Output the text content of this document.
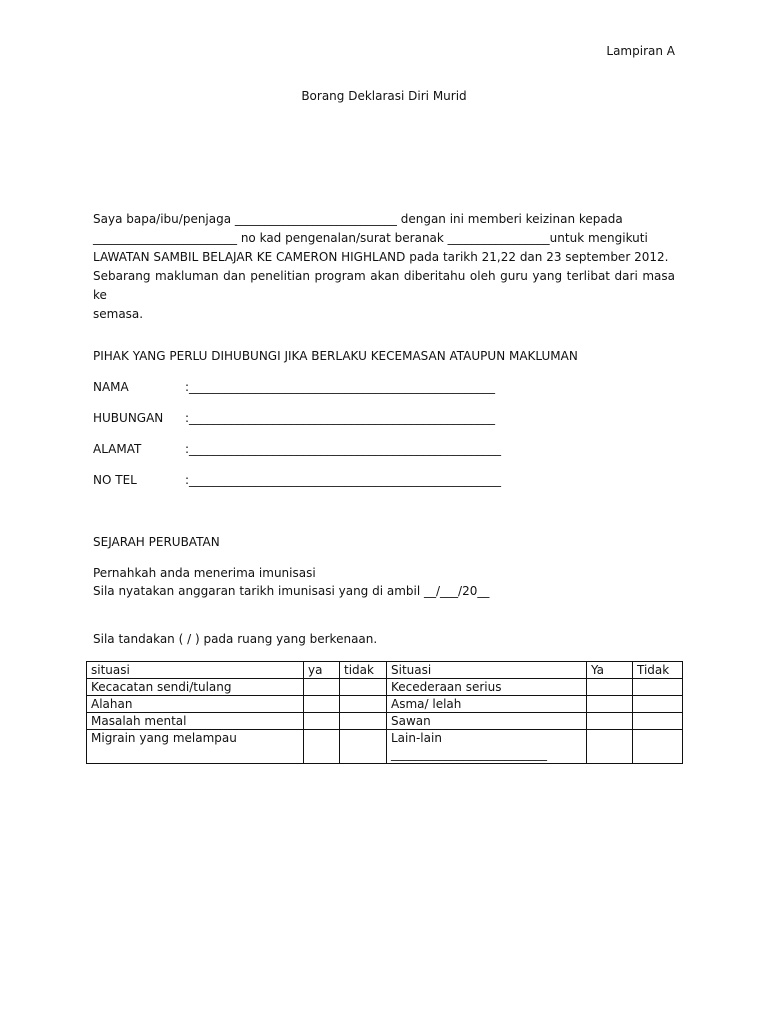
Lampiran A
Borang Deklarasi Diri Murid

Saya bapa/ibu/penjaga ___________________________ dengan ini memberi keizinan kepada

________________________ no kad pengenalan/surat beranak _________________untuk mengikuti

LAWATAN SAMBIL BELAJAR KE CAMERON HIGHLAND pada tarikh 21,22 dan 23 september 2012.

Sebarang makluman dan penelitian program akan diberitahu oleh guru yang terlibat dari masa ke

semasa.

PIHAK YANG PERLU DIHUBUNGI JIKA BERLAKU KECEMASAN ATAUPUN MAKLUMAN
NAMA	:___________________________________________________
HUBUNGAN :___________________________________________________
ALAMAT	:____________________________________________________
NO TEL	:____________________________________________________
SEJARAH PERUBATAN
Pernahkah anda menerima imunisasi
Sila nyatakan anggaran tarikh imunisasi yang di ambil __/___/20__
Sila tandakan ( / ) pada ruang yang berkenaan.
situasi	ya	tidak	Situasi	Ya	Tidak
Kecacatan sendi/tulang			Kecederaan serius		
Alahan			Asma/ lelah		
Masalah mental			Sawan		
Migrain yang melampau			Lain-lain
__________________________		
